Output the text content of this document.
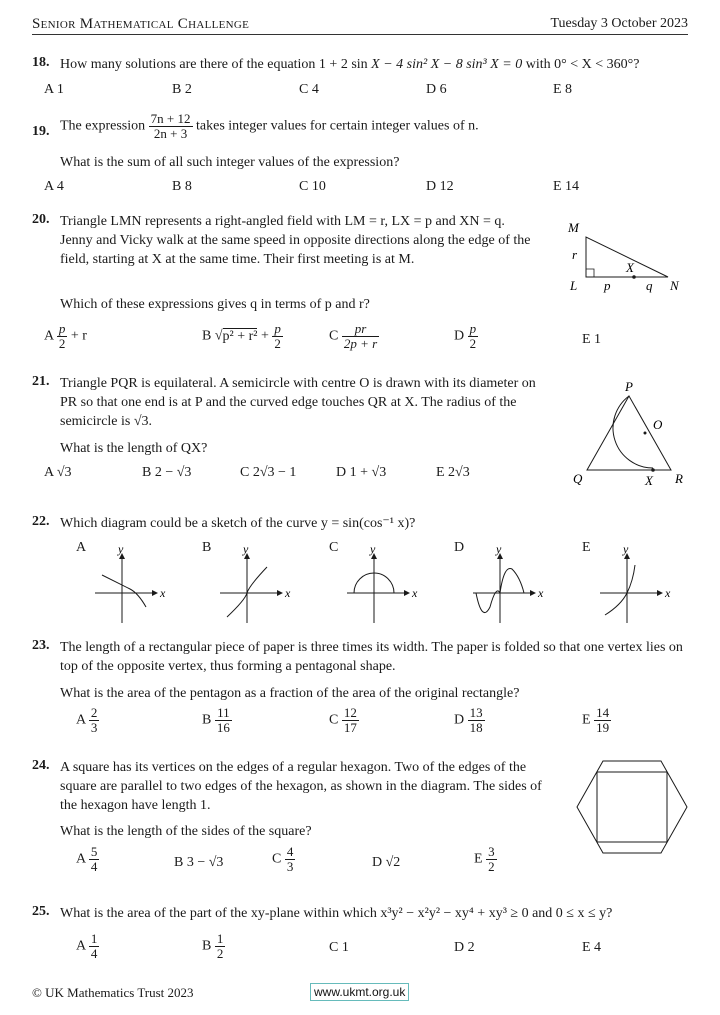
Senior Mathematical Challenge	Tuesday 3 October 2023
18. How many solutions are there of the equation 1 + 2 sin X − 4 sin² X − 8 sin³ X = 0 with 0° < X < 360°?
A 1	B 2	C 4	D 6	E 8
19. The expression $\frac{7n + 12}{2n + 3}$ takes integer values for certain integer values of n.
What is the sum of all such integer values of the expression?
A 4	B 8	C 10	D 12	E 14
20. Triangle LMN represents a right-angled field with LM = r, LX = p and XN = q. Jenny and Vicky walk at the same speed in opposite directions along the edge of the field, starting at X at the same time. Their first meeting is at M.
Which of these expressions gives q in terms of p and r?
M
r
L p
X
q N
A $\frac{p}{2} + r$	B $√p^2 + r^2 + \frac{p}{2}$	C $\frac{pr}{2p + r}$	D $\frac{p}{2}$	E 1
21. Triangle PQR is equilateral. A semicircle with centre O is drawn with its diameter on PR so that one end is at P and the curved edge touches QR at X. The radius of the semicircle is √3.
What is the length of QX?
P
O
Q	X R
A √3	B 2 − √3	C 2√3 − 1	D 1 + √3	E 2√3
22. Which diagram could be a sketch of the curve y = sin(cos⁻¹ x)?
A	B	C	D	E
x
y
x
y
x
y
x
y
x
y
23. The length of a rectangular piece of paper is three times its width. The paper is folded so that one vertex lies on top of the opposite vertex, thus forming a pentagonal shape.
What is the area of the pentagon as a fraction of the area of the original rectangle?
A $\frac{2}{3}$	B $\frac{11}{16}$	C $\frac{12}{17}$	D $\frac{13}{18}$	E $\frac{14}{19}$
24. A square has its vertices on the edges of a regular hexagon. Two of the edges of the square are parallel to two edges of the hexagon, as shown in the diagram. The sides of the hexagon have length 1.
What is the length of the sides of the square?
A $\frac{5}{4}$	B 3 − √3	C $\frac{4}{3}$	D √2	E $\frac{3}{2}$
25. What is the area of the part of the xy-plane within which x³y² − x²y² − xy⁴ + xy³ ≥ 0 and 0 ≤ x ≤ y?
A $\frac{1}{4}$	B $\frac{1}{2}$	C 1	D 2	E 4
© UK Mathematics Trust 2023	www.ukmt.org.uk
